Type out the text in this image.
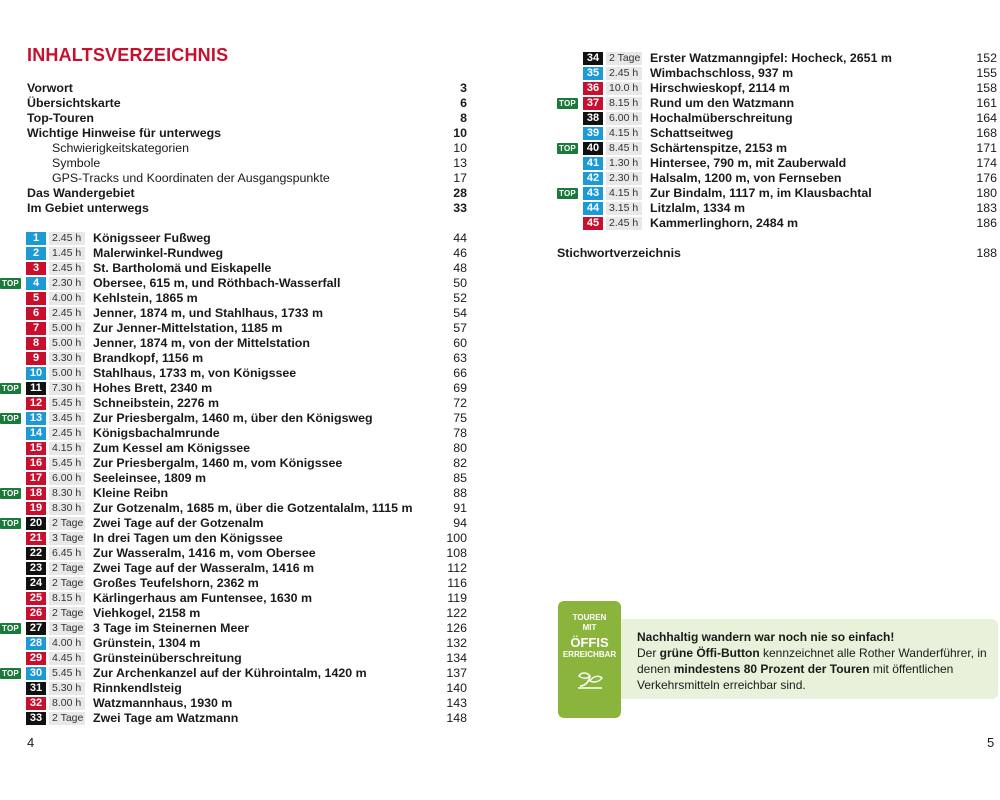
INHALTSVERZEICHNIS
Vorwort	3
Übersichtskarte	6
Top-Touren	8
Wichtige Hinweise für unterwegs	10
Schwierigkeitskategorien	10
Symbole	13
GPS-Tracks und Koordinaten der Ausgangspunkte	17
Das Wandergebiet	28
Im Gebiet unterwegs	33
1	2.45 h Königsseer Fußweg	44
2	1.45 h Malerwinkel-Rundweg	46
3	2.45 h St. Bartholomä und Eiskapelle	48
TOP	4	2.30 h Obersee, 615 m, und Röthbach-Wasserfall	50
5	4.00 h Kehlstein, 1865 m	52
6	2.45 h Jenner, 1874 m, und Stahlhaus, 1733 m	54
7	5.00 h Zur Jenner-Mittelstation, 1185 m	57
8	5.00 h Jenner, 1874 m, von der Mittelstation	60
9	3.30 h Brandkopf, 1156 m	63
10 5.00 h Stahlhaus, 1733 m, von Königssee	66
TOP	11 7.30 h Hohes Brett, 2340 m	69
12 5.45 h Schneibstein, 2276 m	72
TOP 13 3.45 h Zur Priesbergalm, 1460 m, über den Königsweg	75
14 2.45 h Königsbachalmrunde	78
15 4.15 h Zum Kessel am Königssee	80
16 5.45 h Zur Priesbergalm, 1460 m, vom Königssee	82
17 6.00 h Seeleinsee, 1809 m	85
TOP 18 8.30 h Kleine Reibn	88
19 8.30 h Zur Gotzenalm, 1685 m, über die Gotzentalalm, 1115 m	91
TOP 20 2 Tage Zwei Tage auf der Gotzenalm	94
21 3 Tage In drei Tagen um den Königssee	100
22 6.45 h Zur Wasseralm, 1416 m, vom Obersee	108
23 2 Tage Zwei Tage auf der Wasseralm, 1416 m	112
24 2 Tage Großes Teufelshorn, 2362 m	116
25 8.15 h Kärlingerhaus am Funtensee, 1630 m	119
26 2 Tage Viehkogel, 2158 m	122
TOP 27 3 Tage 3 Tage im Steinernen Meer	126
28 4.00 h Grünstein, 1304 m	132
29 4.45 h Grünsteinüberschreitung	134
TOP 30 5.45 h Zur Archenkanzel auf der Kührointalm, 1420 m	137
31 5.30 h Rinnkendlsteig	140
32 8.00 h Watzmannhaus, 1930 m	143
33 2 Tage Zwei Tage am Watzmann	148

4	5

TOUREN
MIT
ÖFFIS
ERREICHBAR
Nachhaltig wandern war noch nie so einfach!
Der grüne Öffi-Button kennzeichnet alle Rother Wanderführer, in denen mindestens 80 Prozent der Touren mit öffentlichen Verkehrsmitteln erreichbar sind.
34 2 Tage Erster Watzmanngipfel: Hocheck, 2651 m	152
35 2.45 h Wimbachschloss, 937 m	155
36 10.0 h Hirschwieskopf, 2114 m	158
TOP 37 8.15 h Rund um den Watzmann	161
38 6.00 h Hochalmüberschreitung	164
39 4.15 h Schattseitweg	168
TOP 40 8.45 h Schärtenspitze, 2153 m	171
41 1.30 h Hintersee, 790 m, mit Zauberwald	174
42 2.30 h Halsalm, 1200 m, von Fernseben	176
TOP 43 4.15 h Zur Bindalm, 1117 m, im Klausbachtal	180
44 3.15 h Litzlalm, 1334 m	183
45 2.45 h Kammerlinghorn, 2484 m	186
Stichwortverzeichnis	188
